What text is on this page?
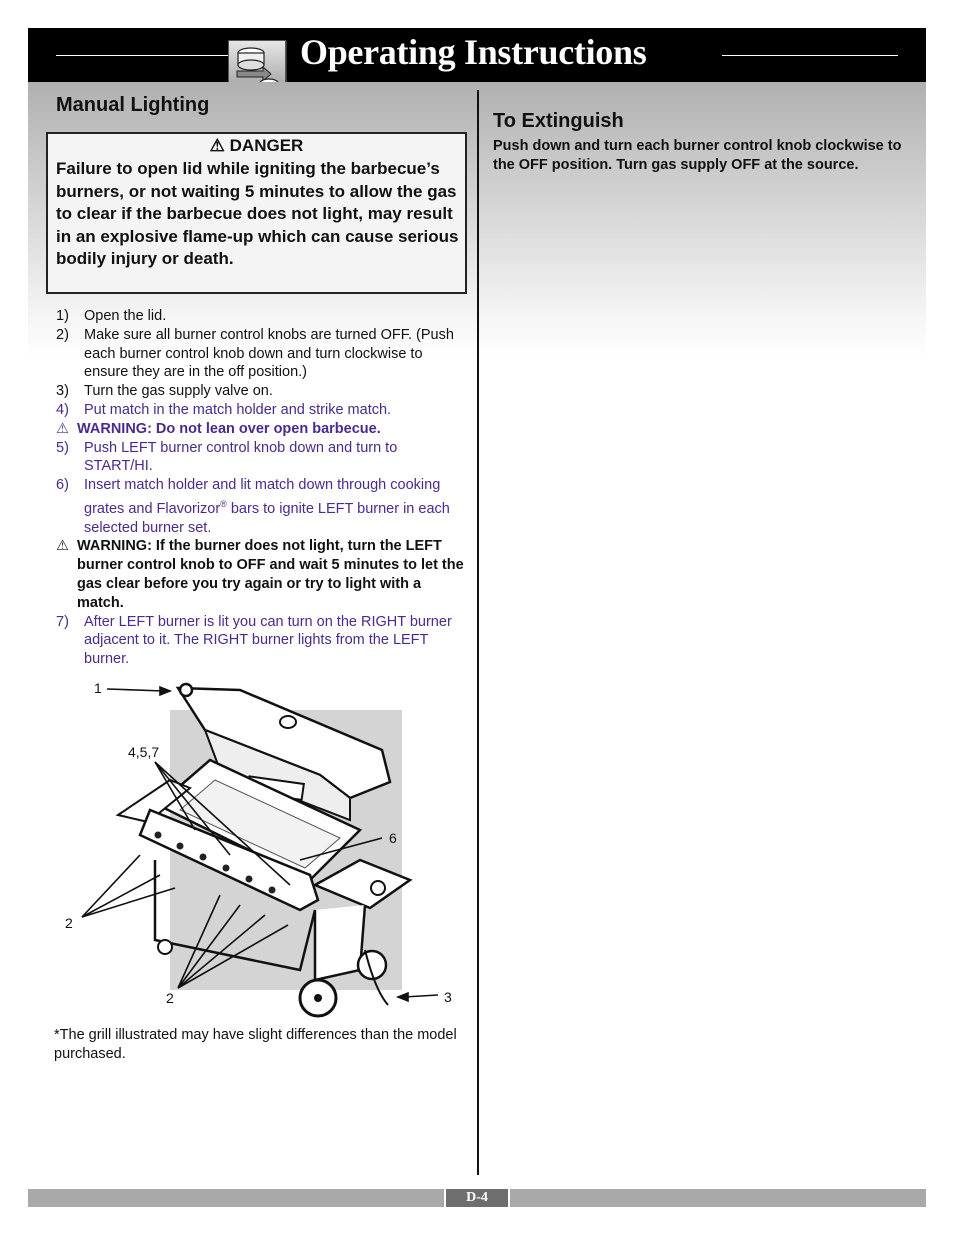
Operating Instructions
Manual Lighting
⚠ DANGER
Failure to open lid while igniting the barbecue’s burners, or not waiting 5 minutes to allow the gas to clear if the barbecue does not light, may result in an explosive flame-up which can cause serious bodily injury or death.
1) Open the lid.
2) Make sure all burner control knobs are turned OFF. (Push each burner control knob down and turn clockwise to ensure they are in the off position.)
3) Turn the gas supply valve on.
4) Put match in the match holder and strike match.
⚠ WARNING: Do not lean over open barbecue.
5) Push LEFT burner control knob down and turn to START/HI.
6) Insert match holder and lit match down through cooking grates and Flavorizor® bars to ignite LEFT burner in each selected burner set.
⚠ WARNING: If the burner does not light, turn the LEFT burner control knob to OFF and wait 5 minutes to let the gas clear before you try again or try to light with a match.
7) After LEFT burner is lit you can turn on the RIGHT burner adjacent to it. The RIGHT burner lights from the LEFT burner.
1
4,5,7
6
2
2	3
*The grill illustrated may have slight differences than the model purchased.
To Extinguish
Push down and turn each burner control knob clockwise to the OFF position. Turn gas supply OFF at the source.
D-4
